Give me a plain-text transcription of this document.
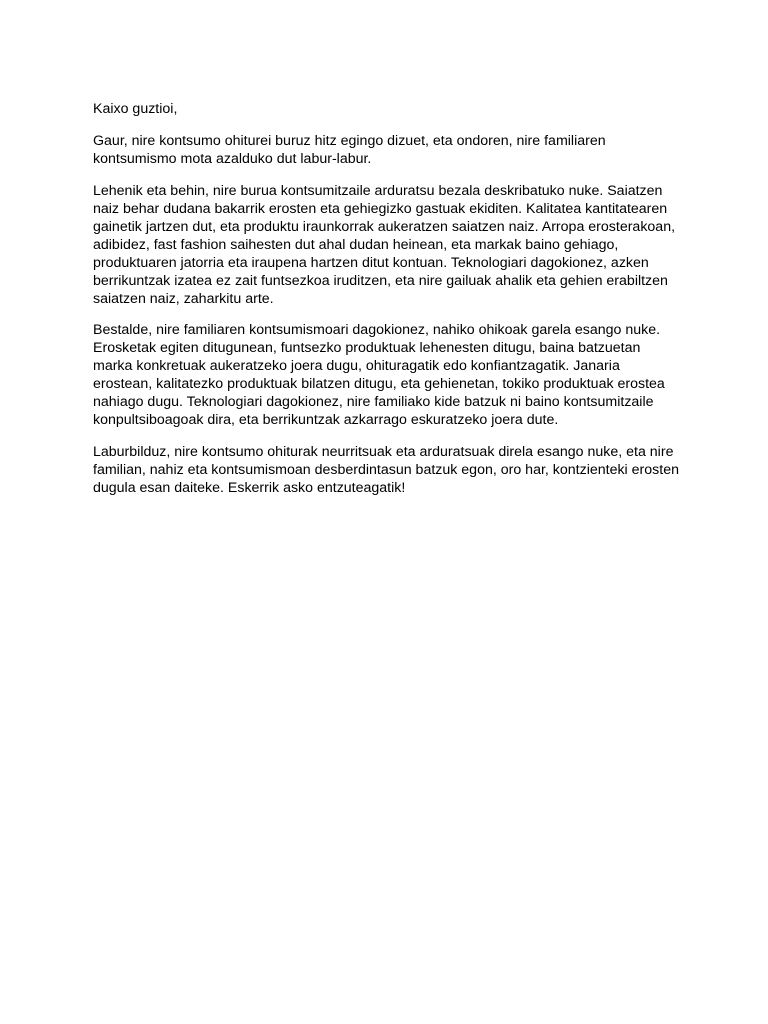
Kaixo guztioi,

Gaur, nire kontsumo ohiturei buruz hitz egingo dizuet, eta ondoren, nire familiaren kontsumismo mota azalduko dut labur-labur.

Lehenik eta behin, nire burua kontsumitzaile arduratsu bezala deskribatuko nuke. Saiatzen naiz behar dudana bakarrik erosten eta gehiegizko gastuak ekiditen. Kalitatea kantitatearen gainetik jartzen dut, eta produktu iraunkorrak aukeratzen saiatzen naiz. Arropa erosterakoan, adibidez, fast fashion saihesten dut ahal dudan heinean, eta markak baino gehiago, produktuaren jatorria eta iraupena hartzen ditut kontuan. Teknologiari dagokionez, azken berrikuntzak izatea ez zait funtsezkoa iruditzen, eta nire gailuak ahalik eta gehien erabiltzen saiatzen naiz, zaharkitu arte.

Bestalde, nire familiaren kontsumismoari dagokionez, nahiko ohikoak garela esango nuke. Erosketak egiten ditugunean, funtsezko produktuak lehenesten ditugu, baina batzuetan marka konkretuak aukeratzeko joera dugu, ohituragatik edo konfiantzagatik. Janaria erostean, kalitatezko produktuak bilatzen ditugu, eta gehienetan, tokiko produktuak erostea nahiago dugu. Teknologiari dagokionez, nire familiako kide batzuk ni baino kontsumitzaile konpultsiboagoak dira, eta berrikuntzak azkarrago eskuratzeko joera dute.

Laburbilduz, nire kontsumo ohiturak neurritsuak eta arduratsuak direla esango nuke, eta nire familian, nahiz eta kontsumismoan desberdintasun batzuk egon, oro har, kontzienteki erosten dugula esan daiteke. Eskerrik asko entzuteagatik!
